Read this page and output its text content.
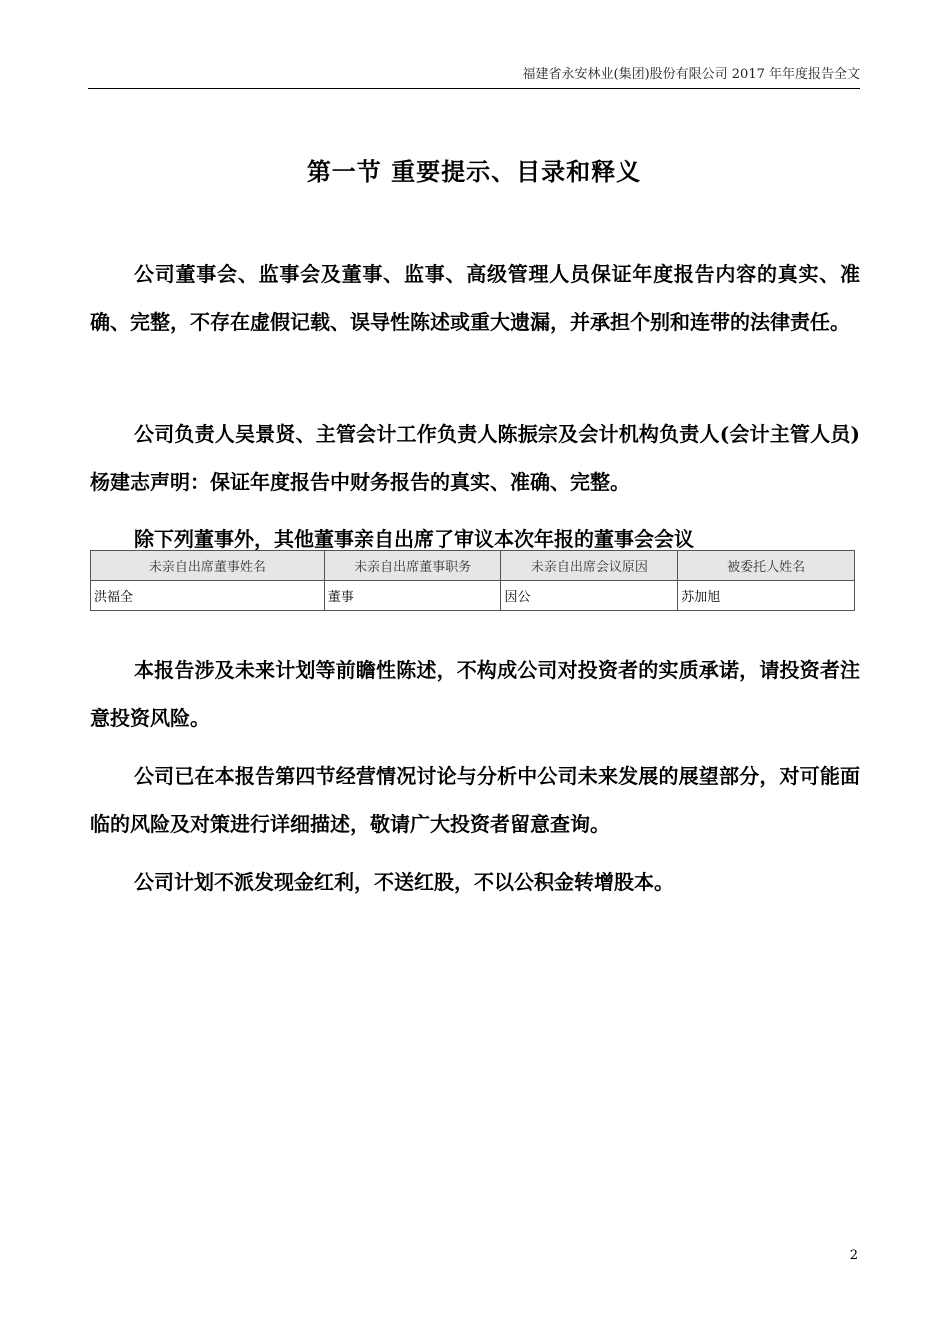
福建省永安林业(集团)股份有限公司 2017 年年度报告全文
第一节 重要提示、目录和释义

公司董事会、监事会及董事、监事、高级管理人员保证年度报告内容的真实、准确、完整，不存在虚假记载、误导性陈述或重大遗漏，并承担个别和连带的法律责任。

公司负责人吴景贤、主管会计工作负责人陈振宗及会计机构负责人(会计主管人员)杨建志声明：保证年度报告中财务报告的真实、准确、完整。

除下列董事外，其他董事亲自出席了审议本次年报的董事会会议

未亲自出席董事姓名	未亲自出席董事职务	未亲自出席会议原因	被委托人姓名
洪福全	董事	因公	苏加旭

本报告涉及未来计划等前瞻性陈述，不构成公司对投资者的实质承诺，请投资者注意投资风险。

公司已在本报告第四节经营情况讨论与分析中公司未来发展的展望部分，对可能面临的风险及对策进行详细描述，敬请广大投资者留意查询。

公司计划不派发现金红利，不送红股，不以公积金转增股本。

2
